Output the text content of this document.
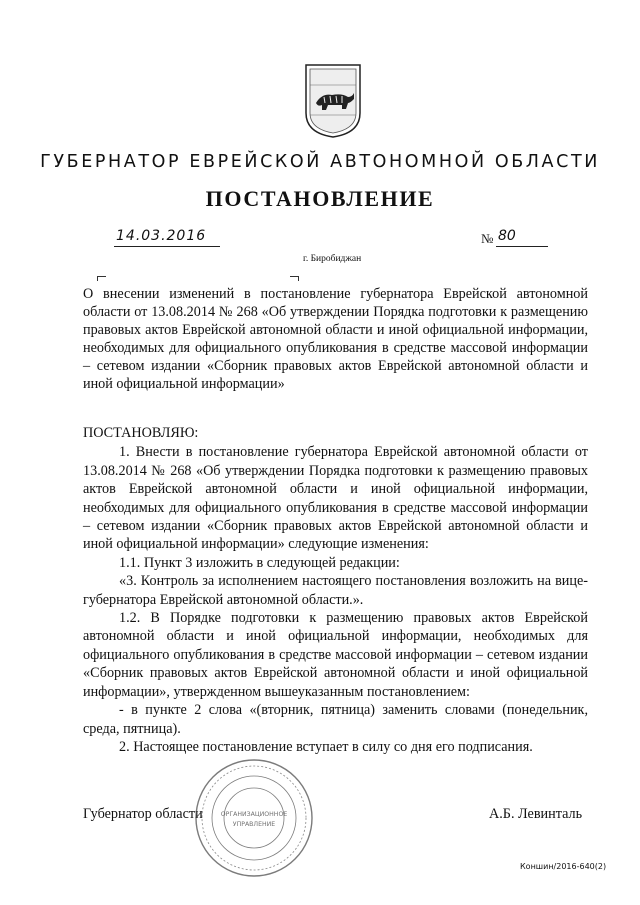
ГУБЕРНАТОР ЕВРЕЙСКОЙ АВТОНОМНОЙ ОБЛАСТИ
ПОСТАНОВЛЕНИЕ
14.03.2016	№ 80
г. Биробиджан
О внесении изменений в постановление губернатора Еврейской автономной области от 13.08.2014 № 268 «Об утверждении Порядка подготовки к размещению правовых актов Еврейской автономной области и иной официальной информации, необходимых для официального опубликования в средстве массовой информации – сетевом издании «Сборник правовых актов Еврейской автономной области и иной официальной информации»

ПОСТАНОВЛЯЮ:

1. Внести в постановление губернатора Еврейской автономной области от 13.08.2014 № 268 «Об утверждении Порядка подготовки к размещению правовых актов Еврейской автономной области и иной официальной информации, необходимых для официального опубликования в средстве массовой информации – сетевом издании «Сборник правовых актов Еврейской автономной области и иной официальной информации» следующие изменения:

1.1. Пункт 3 изложить в следующей редакции:

«3. Контроль за исполнением настоящего постановления возложить на вице-губернатора Еврейской автономной области.».

1.2. В Порядке подготовки к размещению правовых актов Еврейской автономной области и иной официальной информации, необходимых для официального опубликования в средстве массовой информации – сетевом издании «Сборник правовых актов Еврейской автономной области и иной официальной информации», утвержденном вышеуказанным постановлением:

- в пункте 2 слова «(вторник, пятница) заменить словами (понедельник, среда, пятница).

2. Настоящее постановление вступает в силу со дня его подписания.

Губернатор области	А.Б. Левинталь
ОРГАНИЗАЦИОННОЕ
УПРАВЛЕНИЕ
Коншин/2016-640(2)
